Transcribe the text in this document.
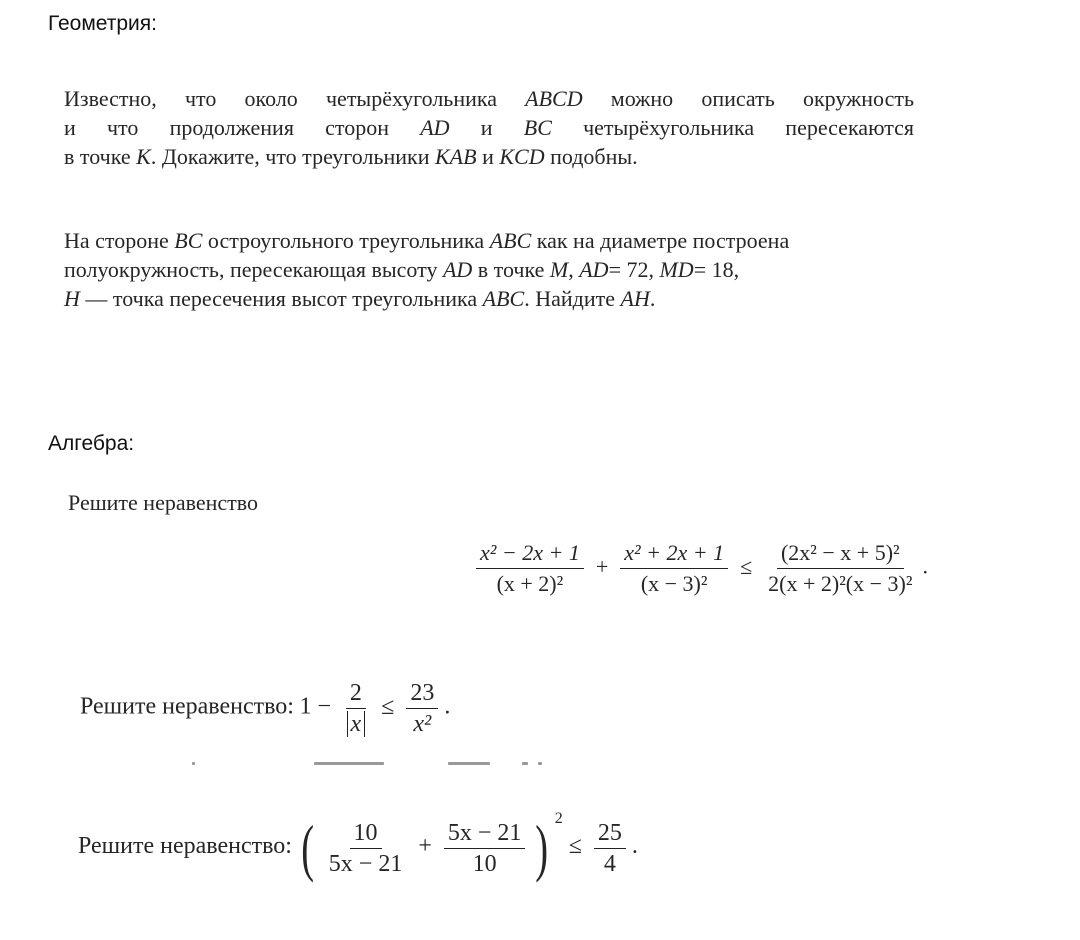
Геометрия:
Известно, что около четырёхугольника ABCD можно описать окружность
и что продолжения сторон AD и BC четырёхугольника пересекаются
в точке K. Докажите, что треугольники KAB и KCD подобны.
На стороне BC остроугольного треугольника ABC как на диаметре построена
полуокружность, пересекающая высоту AD в точке M, AD= 72, MD= 18,
H — точка пересечения высот треугольника ABC. Найдите AH.
Алгебра:
Решите неравенство
$\frac{\text{x² − 2x + 1}}{\text{(x + 2)²}} + \frac{\text{x² + 2x + 1}}{\text{(x − 3)²}} \le \frac{\text{(2x² − x + 5)²}}{\text{2(x + 2)²(x − 3)²}}$ .
Решите неравенство: $1 - \frac{2}{x} \le \frac{23}{\text{x²}}$ .
Решите неравенство: ( $\frac{10}{5x - 21} + \frac{5x - 21}{10}$ ) $^2\le \frac{25}{4}$ .
